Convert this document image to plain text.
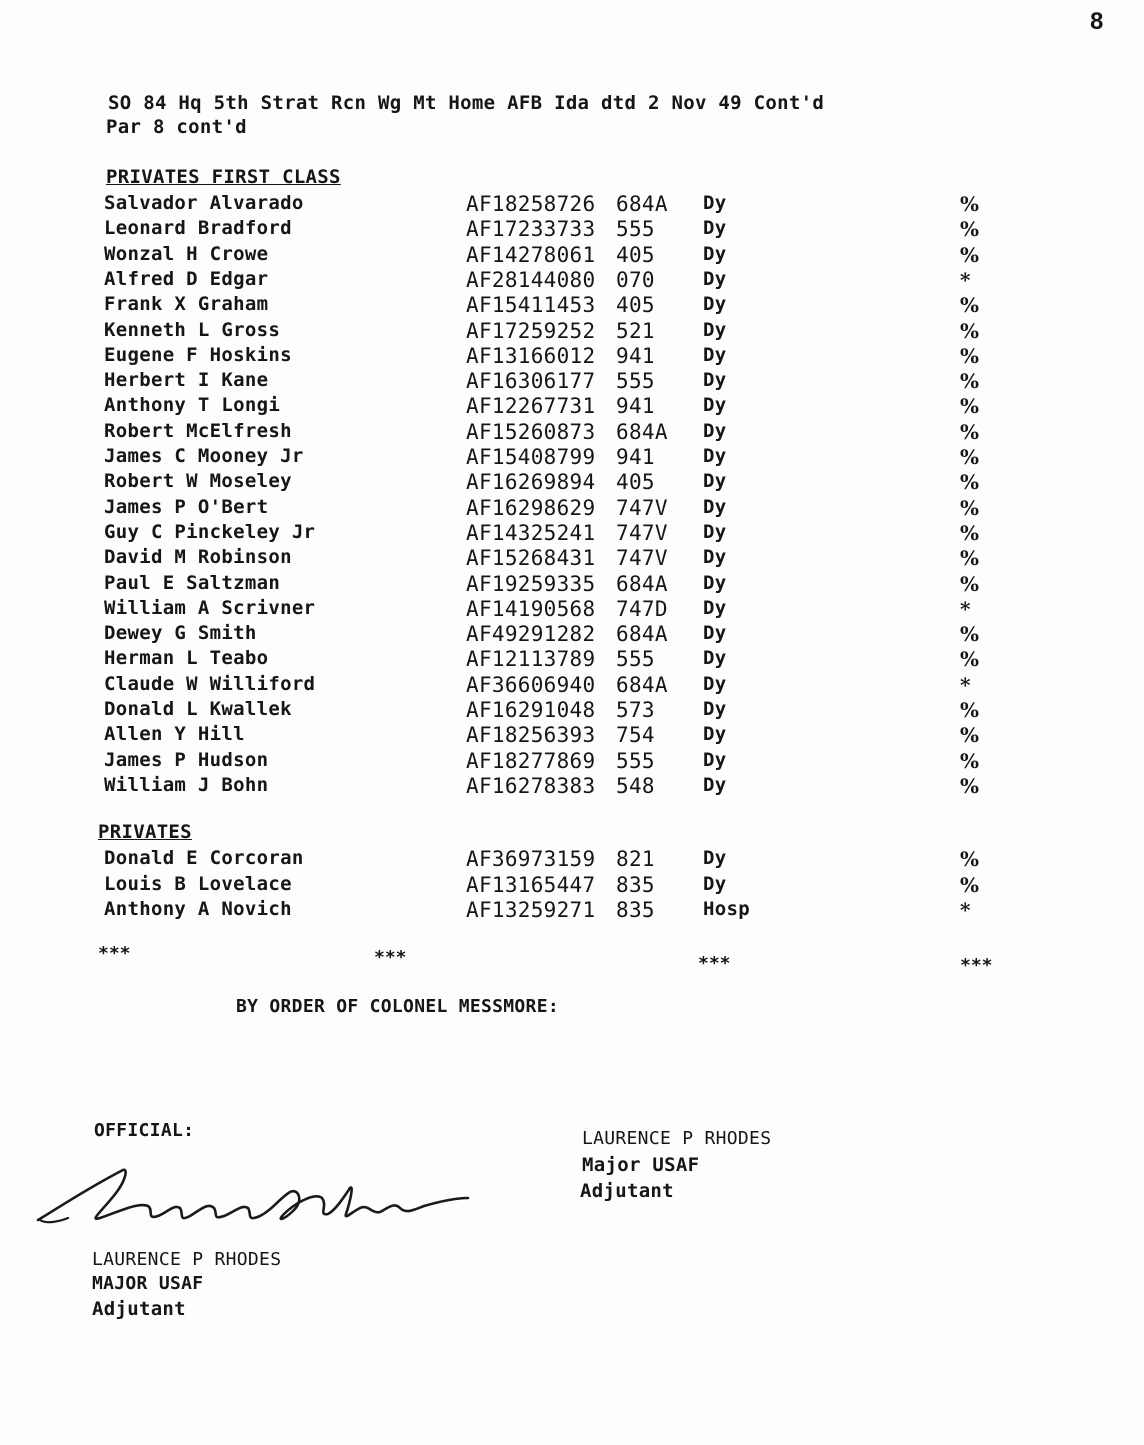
8
SO 84 Hq 5th Strat Rcn Wg Mt Home AFB Ida dtd 2 Nov 49 Cont'd
Par 8 cont'd
PRIVATES FIRST CLASS
Salvador Alvarado	AF18258726 684A Dy	%
Leonard Bradford	AF17233733 555	Dy	%
Wonzal H Crowe	AF14278061 405	Dy	%
Alfred D Edgar	AF28144080 070	Dy	*
Frank X Graham	AF15411453 405	Dy	%
Kenneth L Gross	AF17259252 521	Dy	%
Eugene F Hoskins	AF13166012 941	Dy	%
Herbert I Kane	AF16306177 555	Dy	%
Anthony T Longi	AF12267731 941	Dy	%
Robert McElfresh	AF15260873 684A Dy	%
James C Mooney Jr	AF15408799 941	Dy	%
Robert W Moseley	AF16269894 405	Dy	%
James P O'Bert	AF16298629 747V Dy	%
Guy C Pinckeley Jr	AF14325241 747V Dy	%
David M Robinson	AF15268431 747V Dy	%
Paul E Saltzman	AF19259335 684A Dy	%
William A Scrivner	AF14190568 747D Dy	*
Dewey G Smith	AF49291282 684A Dy	%
Herman L Teabo	AF12113789 555	Dy	%
Claude W Williford	AF36606940 684A Dy	*
Donald L Kwallek	AF16291048 573	Dy	%
Allen Y Hill	AF18256393 754	Dy	%
James P Hudson	AF18277869 555	Dy	%
William J Bohn	AF16278383 548	Dy	%
PRIVATES
Donald E Corcoran	AF36973159 821	Dy	%
Louis B Lovelace	AF13165447 835	Dy	%
Anthony A Novich	AF13259271 835	Hosp	*
***	***	***	***
BY ORDER OF COLONEL MESSMORE:
OFFICIAL:	LAURENCE P RHODES
Major USAF
Adjutant
LAURENCE P RHODES
MAJOR USAF
Adjutant
